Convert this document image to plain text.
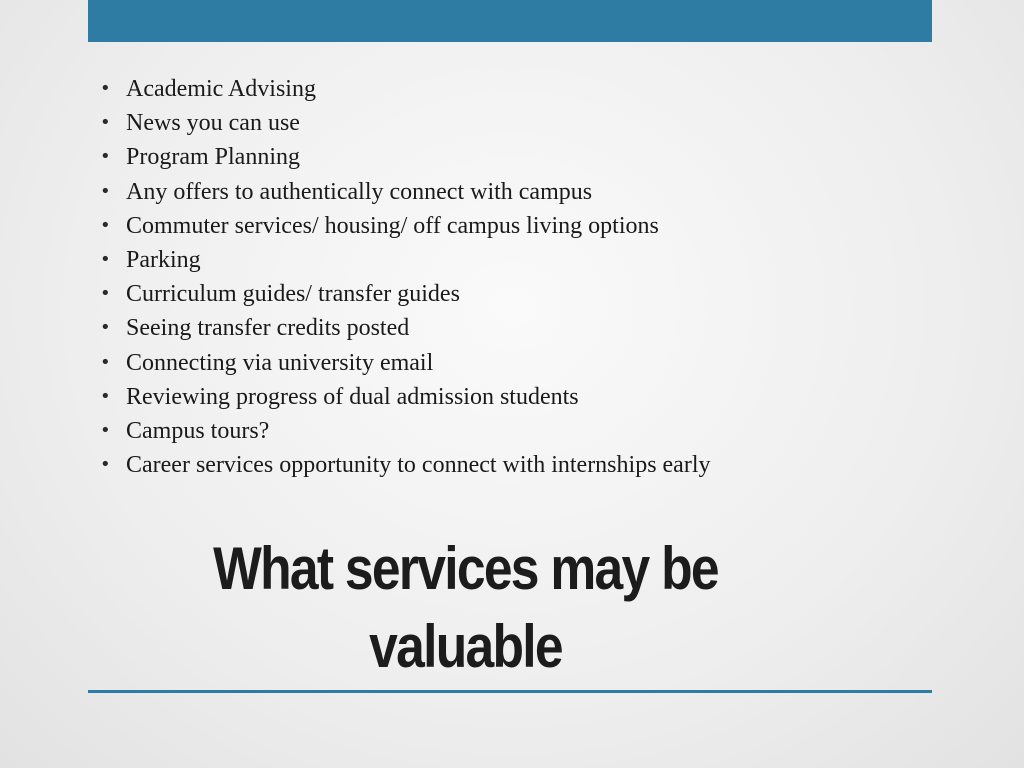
• Academic Advising
• News you can use
• Program Planning
• Any offers to authentically connect with campus
• Commuter services/ housing/ off campus living options
• Parking
• Curriculum guides/ transfer guides
• Seeing transfer credits posted
• Connecting via university email
• Reviewing progress of dual admission students
• Campus tours?
• Career services opportunity to connect with internships early
What services may be
valuable
